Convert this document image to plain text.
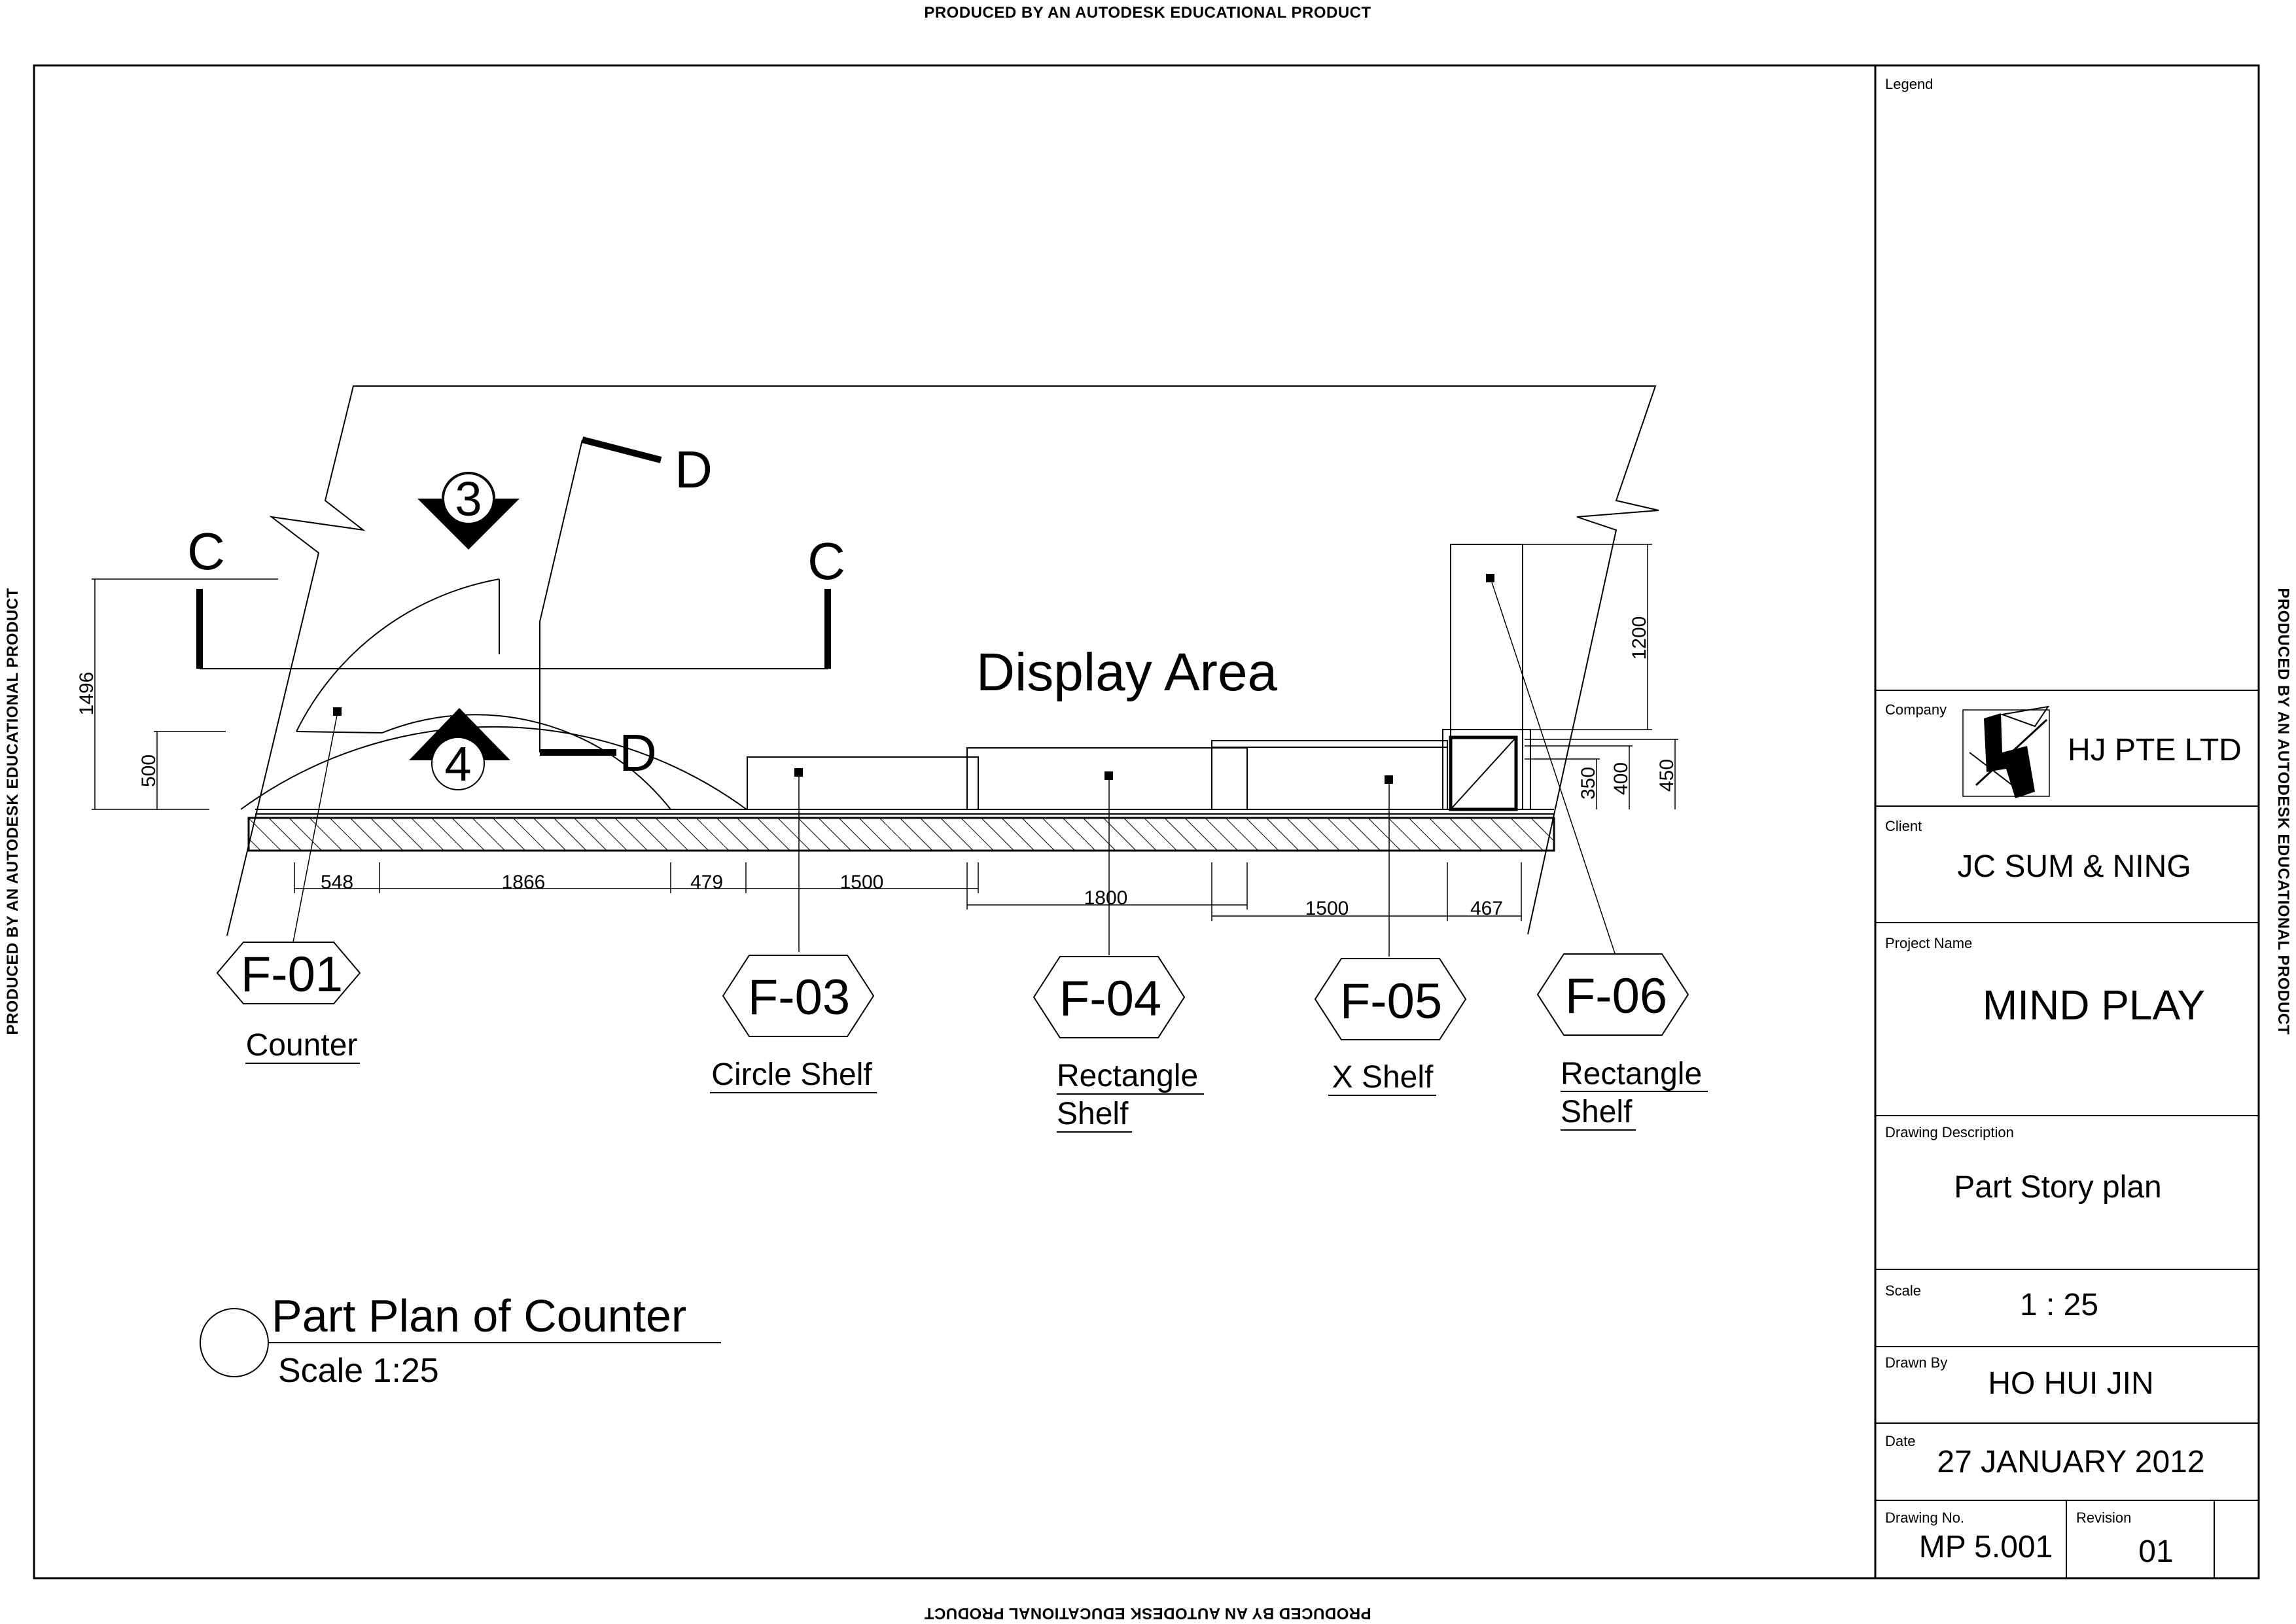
PRODUCED BY AN AUTODESK EDUCATIONAL PRODUCT
PRODUCED BY AN AUTODESK EDUCATIONAL PRODUCT
PRODUCED BY AN AUTODESK EDUCATIONAL PRODUCT	PRODUCED BY AN AUTODESK EDUCATIONAL PRODUCT
Legend
Company
HJ PTE LTD
Client
JC SUM & NING
Project Name
MIND PLAY
Drawing Description
Part Story plan
Scale	1 : 25
Drawn By
HO HUI JIN
Date
27 JANUARY 2012
Drawing No.
MP 5.001
Revision
01
C	C
D
D
3
4
Display Area
548	1866	479	1500
1800	1500	467
1496
500
1200
350 400 450
F-01
Counter
F-03
Circle Shelf
F-04
Rectangle
Shelf
F-05
X Shelf
F-06
Rectangle
Shelf
Part Plan of Counter
Scale 1:25
